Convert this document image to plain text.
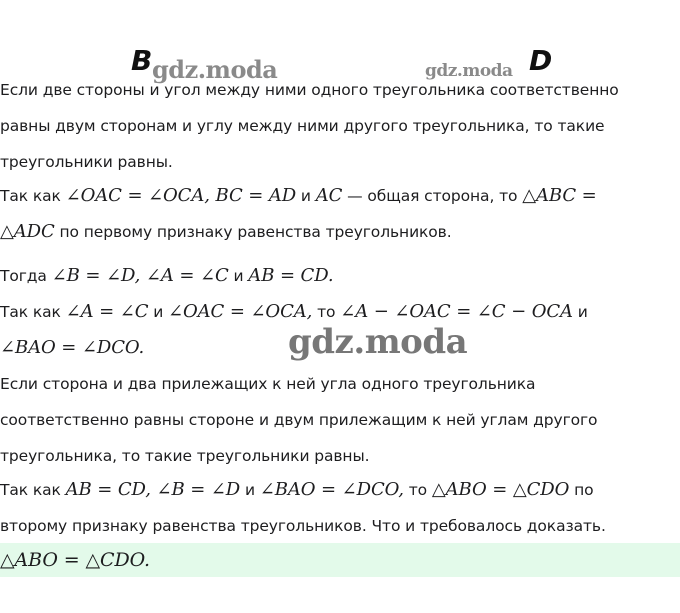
B gdz.moda	gdz.moda D
Если две стороны и угол между ними одного треугольника соответственно
равны двум сторонам и углу между ними другого треугольника, то такие
треугольники равны.
Так как ∠OAC = ∠OCA, BC = AD и AC — общая сторона, то △ABC =
△ADC по первому признаку равенства треугольников.
Тогда ∠B = ∠D, ∠A = ∠C и AB = CD.
Так как ∠A = ∠C и ∠OAC = ∠OCA, то ∠A − ∠OAC = ∠C − OCA и
∠BAO = ∠DCO.	gdz.moda
Если сторона и два прилежащих к ней угла одного треугольника
соответственно равны стороне и двум прилежащим к ней углам другого
треугольника, то такие треугольники равны.
Так как AB = CD, ∠B = ∠D и ∠BAO = ∠DCO, то △ABO = △CDO по
второму признаку равенства треугольников. Что и требовалось доказать.
△ABO = △CDO.
